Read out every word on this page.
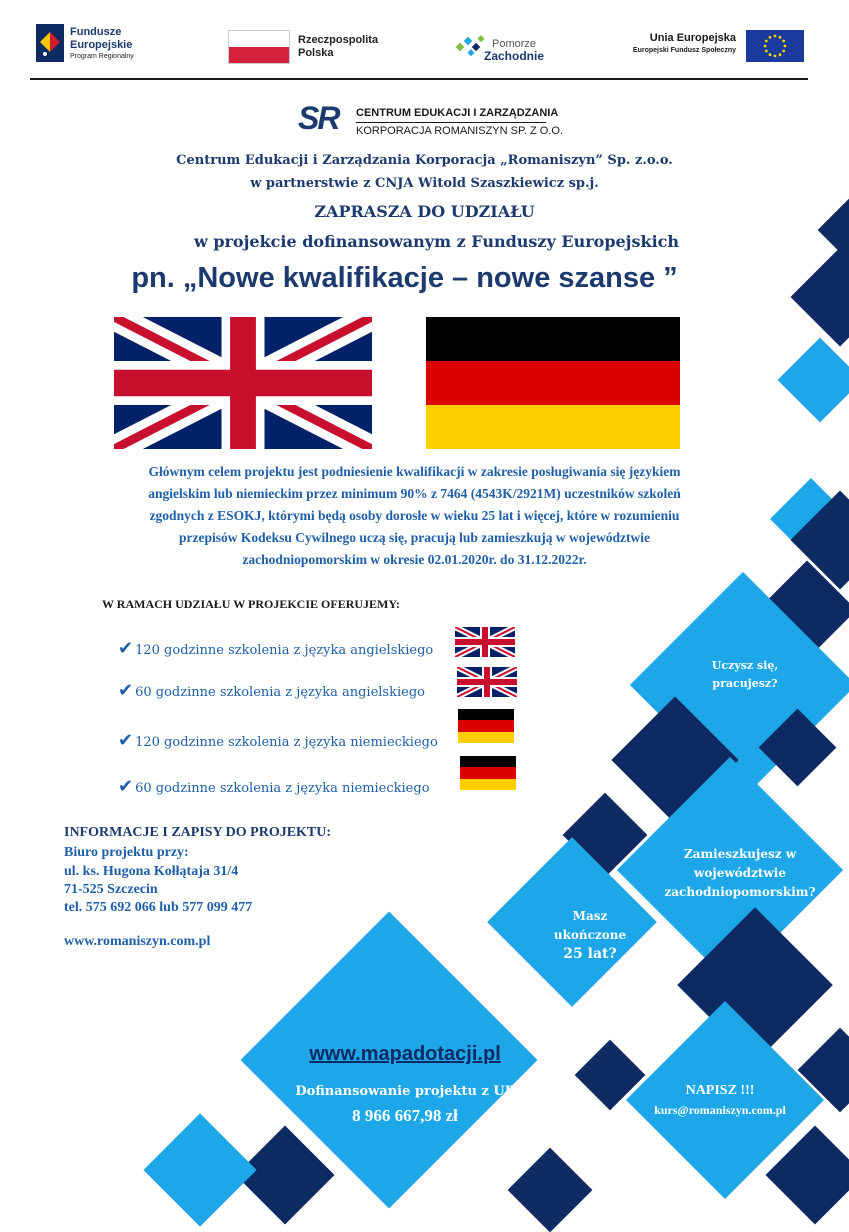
Fundusze
Europejskie
Program Regionalny
Rzeczpospolita
Polska
Pomorze
Zachodnie
Unia Europejska
Europejski Fundusz Społeczny
SR CENTRUM EDUKACJI I ZARZĄDZANIA
KORPORACJA ROMANISZYN SP. Z O.O.
Centrum Edukacji i Zarządzania Korporacja „Romaniszyn” Sp. z.o.o.
w partnerstwie z CNJA Witold Szaszkiewicz sp.j.
ZAPRASZA DO UDZIAŁU
w projekcie dofinansowanym z Funduszy Europejskich
pn. „Nowe kwalifikacje – nowe szanse ”
Głównym celem projektu jest podniesienie kwalifikacji w zakresie posługiwania się językiem
angielskim lub niemieckim przez minimum 90% z 7464 (4543K/2921M) uczestników szkoleń
zgodnych z ESOKJ, którymi będą osoby dorosłe w wieku 25 lat i więcej, które w rozumieniu
przepisów Kodeksu Cywilnego uczą się, pracują lub zamieszkują w województwie
zachodniopomorskim w okresie 02.01.2020r. do 31.12.2022r.
W RAMACH UDZIAŁU W PROJEKCIE OFERUJEMY:
✔ 120 godzinne szkolenia z języka angielskiego
✔ 60 godzinne szkolenia z języka angielskiego
✔ 120 godzinne szkolenia z języka niemieckiego
✔ 60 godzinne szkolenia z języka niemieckiego
INFORMACJE I ZAPISY DO PROJEKTU:
Biuro projektu przy:
ul. ks. Hugona Kołłątaja 31/4
71-525 Szczecin
tel. 575 692 066 lub 577 099 477
www.romaniszyn.com.pl
Uczysz się,
pracujesz?
Zamieszkujesz w
województwie
zachodniopomorskim?
Masz
ukończone
25 lat?
NAPISZ !!!
kurs@romaniszyn.com.pl
www.mapadotacji.pl
Dofinansowanie projektu z UE
8 966 667,98 zł
